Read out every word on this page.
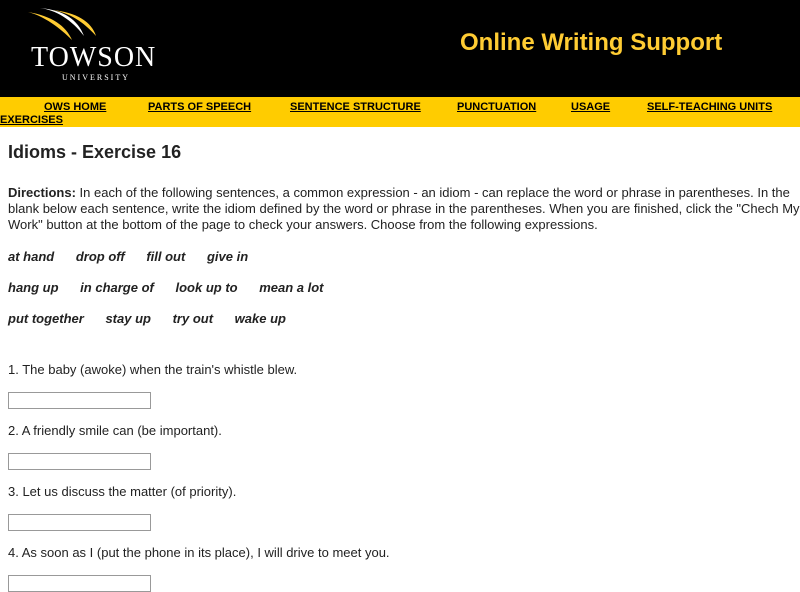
TOWSON
UNIVERSITY
Online Writing Support
OWS HOME	PARTS OF SPEECH	SENTENCE STRUCTURE	PUNCTUATION	USAGE	SELF-TEACHING UNITS
EXERCISES
Idioms - Exercise 16

Directions: In each of the following sentences, a common expression - an idiom - can replace the word or phrase in parentheses. In the blank below each sentence, write the idiom defined by the word or phrase in the parentheses. When you are finished, click the "Chech My Work" button at the bottom of the page to check your answers. Choose from the following expressions.

at hand drop off fill out give in
hang up in charge of look up to mean a lot
put together stay up try out wake up
1. The baby (awoke) when the train's whistle blew.
2. A friendly smile can (be important).
3. Let us discuss the matter (of priority).
4. As soon as I (put the phone in its place), I will drive to meet you.
